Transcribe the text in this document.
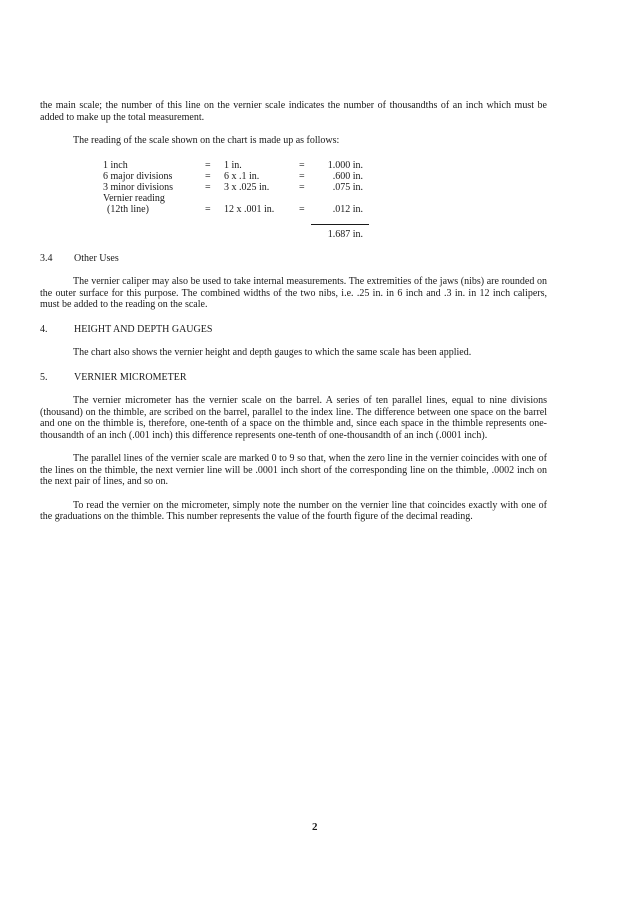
the main scale; the number of this line on the vernier scale indicates the number of thousandths of an inch which must be added to make up the total measurement.

The reading of the scale shown on the chart is made up as follows:

1 inch	= 1 in.	=	1.000 in.
6 major divisions	= 6 x .1 in.	=	.600 in.
3 minor divisions	= 3 x .025 in.	=	.075 in.
Vernier reading
(12th line)	= 12 x .001 in. =	.012 in.
1.687 in.
3.4 Other Uses

The vernier caliper may also be used to take internal measurements. The extremities of the jaws (nibs) are rounded on the outer surface for this purpose. The combined widths of the two nibs, i.e. .25 in. in 6 inch and .3 in. in 12 inch calipers, must be added to the reading on the scale.

4.	HEIGHT AND DEPTH GAUGES

The chart also shows the vernier height and depth gauges to which the same scale has been applied.

5.	VERNIER MICROMETER

The vernier micrometer has the vernier scale on the barrel. A series of ten parallel lines, equal to nine divisions (thousand) on the thimble, are scribed on the barrel, parallel to the index line. The difference between one space on the barrel and one on the thimble is, therefore, one-tenth of a space on the thimble and, since each space in the thimble represents one-thousandth of an inch (.001 inch) this difference represents one-tenth of one-thousandth of an inch (.0001 inch).

The parallel lines of the vernier scale are marked 0 to 9 so that, when the zero line in the vernier coincides with one of the lines on the thimble, the next vernier line will be .0001 inch short of the corresponding line on the thimble, .0002 inch on the next pair of lines, and so on.

To read the vernier on the micrometer, simply note the number on the vernier line that coincides exactly with one of the graduations on the thimble. This number represents the value of the fourth figure of the decimal reading.

2
